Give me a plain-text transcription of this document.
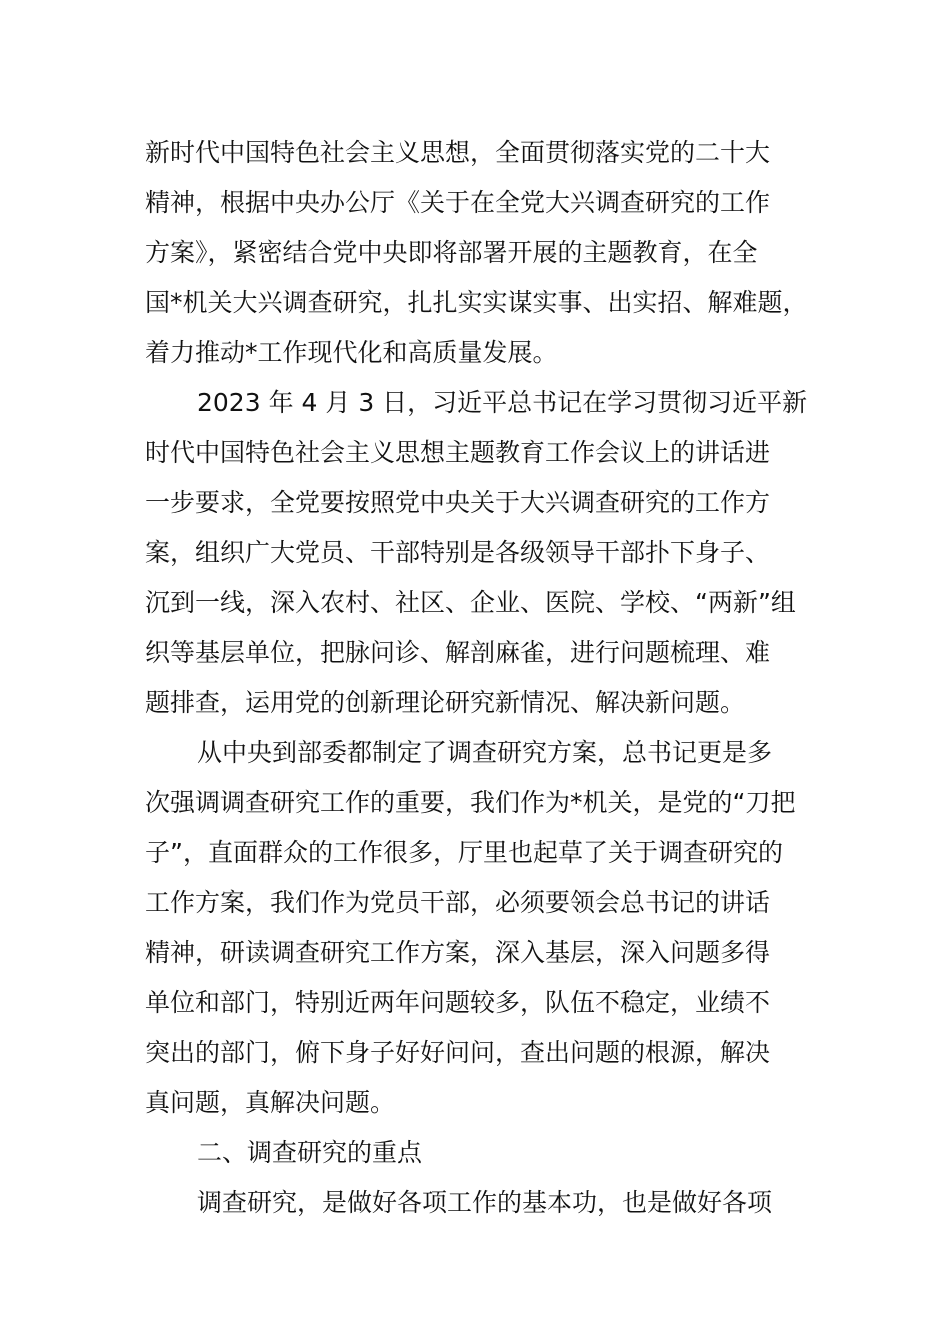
新时代中国特色社会主义思想，全面贯彻落实党的二十大
精神，根据中央办公厅《关于在全党大兴调查研究的工作
方案》，紧密结合党中央即将部署开展的主题教育，在全
国*机关大兴调查研究，扎扎实实谋实事、出实招、解难题，
着力推动*工作现代化和高质量发展。
2023 年 4 月 3 日，习近平总书记在学习贯彻习近平新
时代中国特色社会主义思想主题教育工作会议上的讲话进
一步要求，全党要按照党中央关于大兴调查研究的工作方
案，组织广大党员、干部特别是各级领导干部扑下身子、
沉到一线，深入农村、社区、企业、医院、学校、“两新”组
织等基层单位，把脉问诊、解剖麻雀，进行问题梳理、难
题排查，运用党的创新理论研究新情况、解决新问题。
从中央到部委都制定了调查研究方案，总书记更是多
次强调调查研究工作的重要，我们作为*机关，是党的“刀把
子”，直面群众的工作很多，厅里也起草了关于调查研究的
工作方案，我们作为党员干部，必须要领会总书记的讲话
精神，研读调查研究工作方案，深入基层，深入问题多得
单位和部门，特别近两年问题较多，队伍不稳定，业绩不
突出的部门，俯下身子好好问问，查出问题的根源，解决
真问题，真解决问题。
二、调查研究的重点
调查研究，是做好各项工作的基本功，也是做好各项
